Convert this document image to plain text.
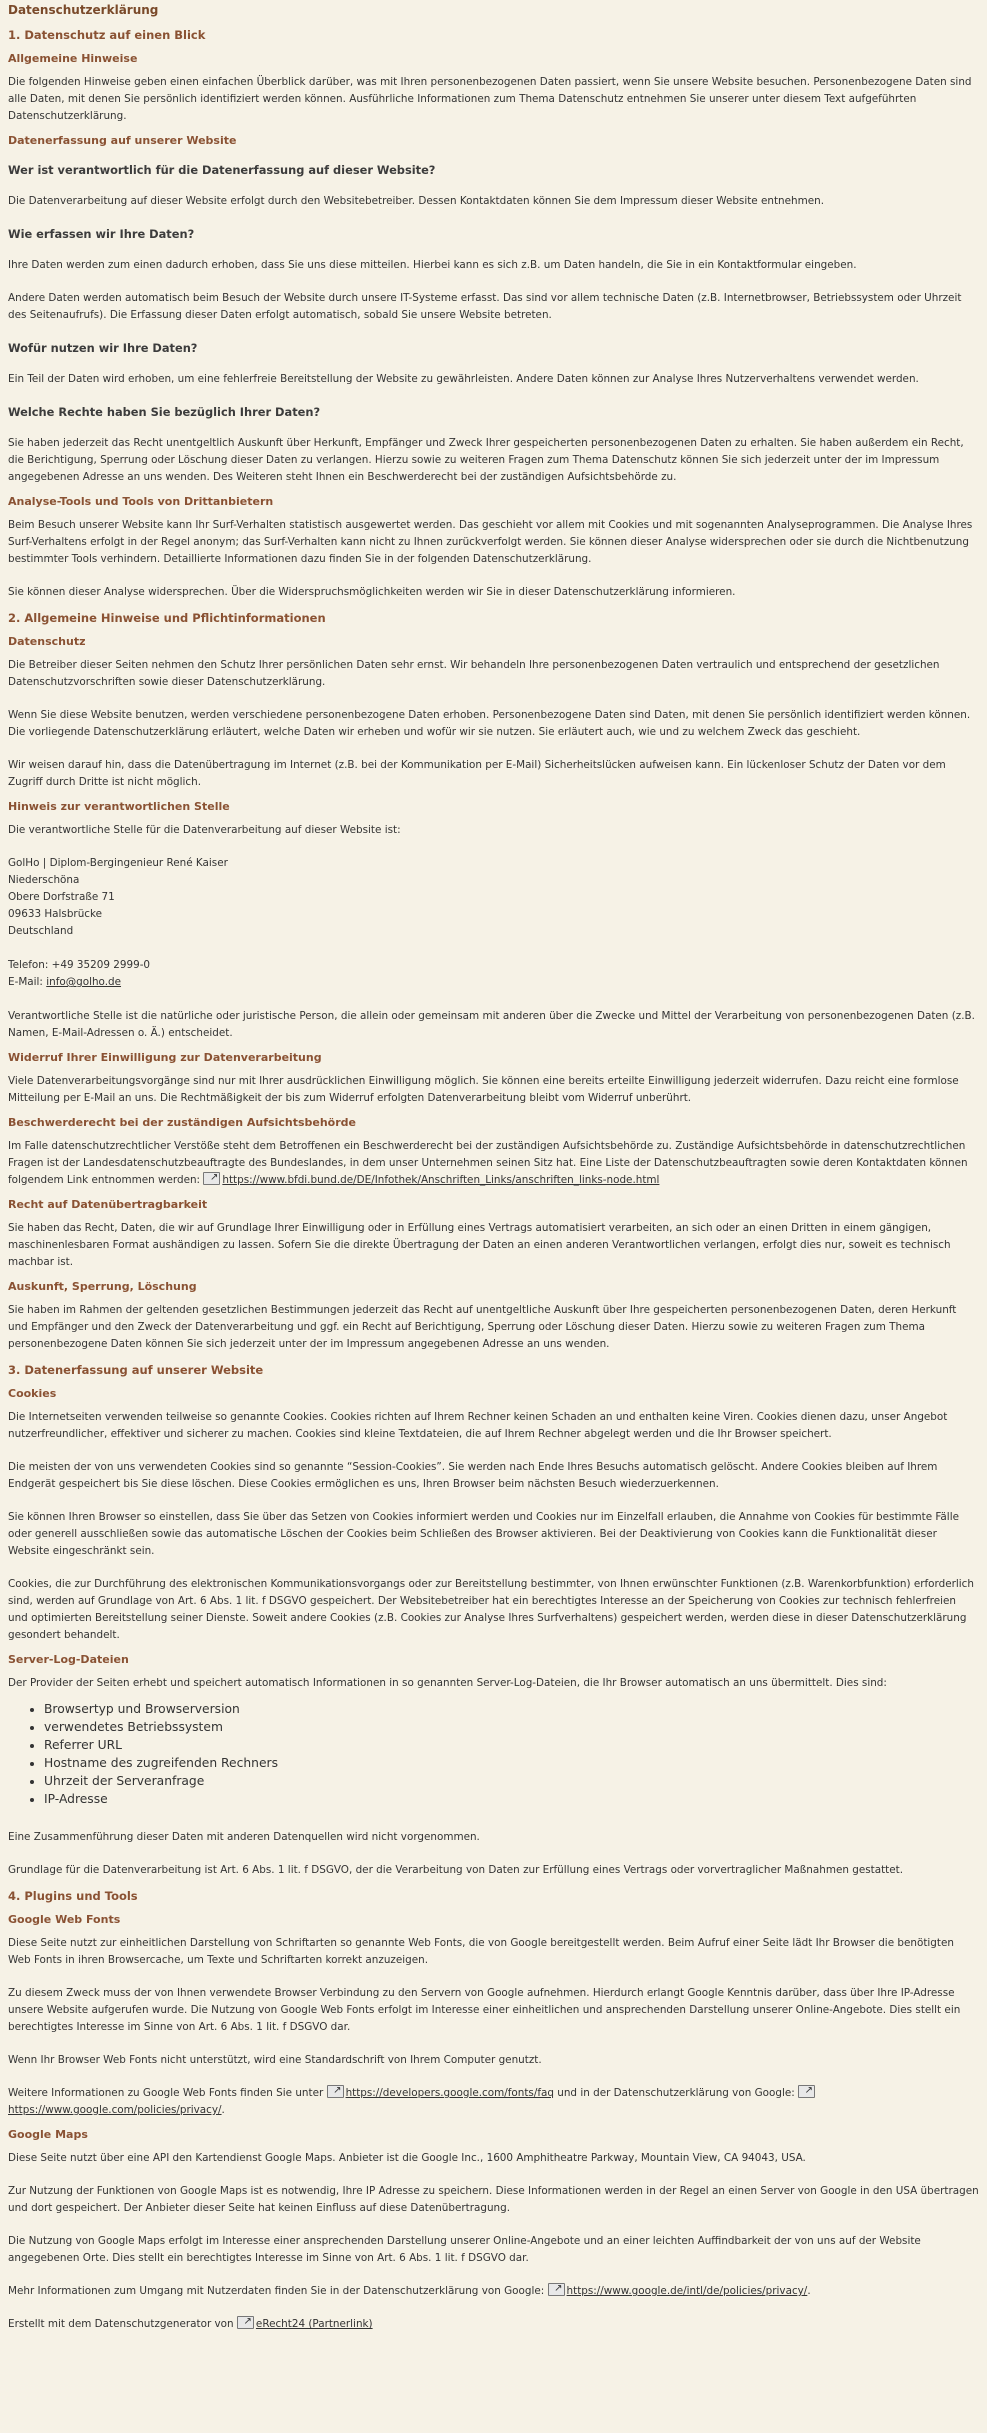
Datenschutzerklärung
1. Datenschutz auf einen Blick
Allgemeine Hinweise

Die folgenden Hinweise geben einen einfachen Überblick darüber, was mit Ihren personenbezogenen Daten passiert, wenn Sie unsere Website besuchen. Personenbezogene Daten sind alle Daten, mit denen Sie persönlich identifiziert werden können. Ausführliche Informationen zum Thema Datenschutz entnehmen Sie unserer unter diesem Text aufgeführten Datenschutzerklärung.

Datenerfassung auf unserer Website
Wer ist verantwortlich für die Datenerfassung auf dieser Website?

Die Datenverarbeitung auf dieser Website erfolgt durch den Websitebetreiber. Dessen Kontaktdaten können Sie dem Impressum dieser Website entnehmen.

Wie erfassen wir Ihre Daten?

Ihre Daten werden zum einen dadurch erhoben, dass Sie uns diese mitteilen. Hierbei kann es sich z.B. um Daten handeln, die Sie in ein Kontaktformular eingeben.

Andere Daten werden automatisch beim Besuch der Website durch unsere IT-Systeme erfasst. Das sind vor allem technische Daten (z.B. Internetbrowser, Betriebssystem oder Uhrzeit des Seitenaufrufs). Die Erfassung dieser Daten erfolgt automatisch, sobald Sie unsere Website betreten.

Wofür nutzen wir Ihre Daten?

Ein Teil der Daten wird erhoben, um eine fehlerfreie Bereitstellung der Website zu gewährleisten. Andere Daten können zur Analyse Ihres Nutzerverhaltens verwendet werden.

Welche Rechte haben Sie bezüglich Ihrer Daten?

Sie haben jederzeit das Recht unentgeltlich Auskunft über Herkunft, Empfänger und Zweck Ihrer gespeicherten personenbezogenen Daten zu erhalten. Sie haben außerdem ein Recht, die Berichtigung, Sperrung oder Löschung dieser Daten zu verlangen. Hierzu sowie zu weiteren Fragen zum Thema Datenschutz können Sie sich jederzeit unter der im Impressum angegebenen Adresse an uns wenden. Des Weiteren steht Ihnen ein Beschwerderecht bei der zuständigen Aufsichtsbehörde zu.

Analyse-Tools und Tools von Drittanbietern

Beim Besuch unserer Website kann Ihr Surf-Verhalten statistisch ausgewertet werden. Das geschieht vor allem mit Cookies und mit sogenannten Analyseprogrammen. Die Analyse Ihres Surf-Verhaltens erfolgt in der Regel anonym; das Surf-Verhalten kann nicht zu Ihnen zurückverfolgt werden. Sie können dieser Analyse widersprechen oder sie durch die Nichtbenutzung bestimmter Tools verhindern. Detaillierte Informationen dazu finden Sie in der folgenden Datenschutzerklärung.

Sie können dieser Analyse widersprechen. Über die Widerspruchsmöglichkeiten werden wir Sie in dieser Datenschutzerklärung informieren.

2. Allgemeine Hinweise und Pflichtinformationen
Datenschutz

Die Betreiber dieser Seiten nehmen den Schutz Ihrer persönlichen Daten sehr ernst. Wir behandeln Ihre personenbezogenen Daten vertraulich und entsprechend der gesetzlichen Datenschutzvorschriften sowie dieser Datenschutzerklärung.

Wenn Sie diese Website benutzen, werden verschiedene personenbezogene Daten erhoben. Personenbezogene Daten sind Daten, mit denen Sie persönlich identifiziert werden können. Die vorliegende Datenschutzerklärung erläutert, welche Daten wir erheben und wofür wir sie nutzen. Sie erläutert auch, wie und zu welchem Zweck das geschieht.

Wir weisen darauf hin, dass die Datenübertragung im Internet (z.B. bei der Kommunikation per E-Mail) Sicherheitslücken aufweisen kann. Ein lückenloser Schutz der Daten vor dem Zugriff durch Dritte ist nicht möglich.

Hinweis zur verantwortlichen Stelle

Die verantwortliche Stelle für die Datenverarbeitung auf dieser Website ist:

GolHo | Diplom-Bergingenieur René Kaiser

Niederschöna

Obere Dorfstraße 71

09633 Halsbrücke

Deutschland

Telefon: +49 35209 2999-0

E-Mail: info@golho.de

Verantwortliche Stelle ist die natürliche oder juristische Person, die allein oder gemeinsam mit anderen über die Zwecke und Mittel der Verarbeitung von personenbezogenen Daten (z.B. Namen, E-Mail-Adressen o. Ä.) entscheidet.

Widerruf Ihrer Einwilligung zur Datenverarbeitung

Viele Datenverarbeitungsvorgänge sind nur mit Ihrer ausdrücklichen Einwilligung möglich. Sie können eine bereits erteilte Einwilligung jederzeit widerrufen. Dazu reicht eine formlose Mitteilung per E-Mail an uns. Die Rechtmäßigkeit der bis zum Widerruf erfolgten Datenverarbeitung bleibt vom Widerruf unberührt.

Beschwerderecht bei der zuständigen Aufsichtsbehörde

Im Falle datenschutzrechtlicher Verstöße steht dem Betroffenen ein Beschwerderecht bei der zuständigen Aufsichtsbehörde zu. Zuständige Aufsichtsbehörde in datenschutzrechtlichen Fragen ist der Landesdatenschutzbeauftragte des Bundeslandes, in dem unser Unternehmen seinen Sitz hat. Eine Liste der Datenschutzbeauftragten sowie deren Kontaktdaten können folgendem Link entnommen werden: ↗https://www.bfdi.bund.de/DE/Infothek/Anschriften_Links/anschriften_links-node.html

Recht auf Datenübertragbarkeit

Sie haben das Recht, Daten, die wir auf Grundlage Ihrer Einwilligung oder in Erfüllung eines Vertrags automatisiert verarbeiten, an sich oder an einen Dritten in einem gängigen, maschinenlesbaren Format aushändigen zu lassen. Sofern Sie die direkte Übertragung der Daten an einen anderen Verantwortlichen verlangen, erfolgt dies nur, soweit es technisch machbar ist.

Auskunft, Sperrung, Löschung

Sie haben im Rahmen der geltenden gesetzlichen Bestimmungen jederzeit das Recht auf unentgeltliche Auskunft über Ihre gespeicherten personenbezogenen Daten, deren Herkunft und Empfänger und den Zweck der Datenverarbeitung und ggf. ein Recht auf Berichtigung, Sperrung oder Löschung dieser Daten. Hierzu sowie zu weiteren Fragen zum Thema personenbezogene Daten können Sie sich jederzeit unter der im Impressum angegebenen Adresse an uns wenden.

3. Datenerfassung auf unserer Website
Cookies

Die Internetseiten verwenden teilweise so genannte Cookies. Cookies richten auf Ihrem Rechner keinen Schaden an und enthalten keine Viren. Cookies dienen dazu, unser Angebot nutzerfreundlicher, effektiver und sicherer zu machen. Cookies sind kleine Textdateien, die auf Ihrem Rechner abgelegt werden und die Ihr Browser speichert.

Die meisten der von uns verwendeten Cookies sind so genannte “Session-Cookies”. Sie werden nach Ende Ihres Besuchs automatisch gelöscht. Andere Cookies bleiben auf Ihrem Endgerät gespeichert bis Sie diese löschen. Diese Cookies ermöglichen es uns, Ihren Browser beim nächsten Besuch wiederzuerkennen.

Sie können Ihren Browser so einstellen, dass Sie über das Setzen von Cookies informiert werden und Cookies nur im Einzelfall erlauben, die Annahme von Cookies für bestimmte Fälle oder generell ausschließen sowie das automatische Löschen der Cookies beim Schließen des Browser aktivieren. Bei der Deaktivierung von Cookies kann die Funktionalität dieser Website eingeschränkt sein.

Cookies, die zur Durchführung des elektronischen Kommunikationsvorgangs oder zur Bereitstellung bestimmter, von Ihnen erwünschter Funktionen (z.B. Warenkorbfunktion) erforderlich sind, werden auf Grundlage von Art. 6 Abs. 1 lit. f DSGVO gespeichert. Der Websitebetreiber hat ein berechtigtes Interesse an der Speicherung von Cookies zur technisch fehlerfreien und optimierten Bereitstellung seiner Dienste. Soweit andere Cookies (z.B. Cookies zur Analyse Ihres Surfverhaltens) gespeichert werden, werden diese in dieser Datenschutzerklärung gesondert behandelt.

Server-Log-Dateien

Der Provider der Seiten erhebt und speichert automatisch Informationen in so genannten Server-Log-Dateien, die Ihr Browser automatisch an uns übermittelt. Dies sind:

• Browsertyp und Browserversion
• verwendetes Betriebssystem
• Referrer URL
• Hostname des zugreifenden Rechners
• Uhrzeit der Serveranfrage
• IP-Adresse

Eine Zusammenführung dieser Daten mit anderen Datenquellen wird nicht vorgenommen.

Grundlage für die Datenverarbeitung ist Art. 6 Abs. 1 lit. f DSGVO, der die Verarbeitung von Daten zur Erfüllung eines Vertrags oder vorvertraglicher Maßnahmen gestattet.

4. Plugins und Tools
Google Web Fonts

Diese Seite nutzt zur einheitlichen Darstellung von Schriftarten so genannte Web Fonts, die von Google bereitgestellt werden. Beim Aufruf einer Seite lädt Ihr Browser die benötigten Web Fonts in ihren Browsercache, um Texte und Schriftarten korrekt anzuzeigen.

Zu diesem Zweck muss der von Ihnen verwendete Browser Verbindung zu den Servern von Google aufnehmen. Hierdurch erlangt Google Kenntnis darüber, dass über Ihre IP-Adresse unsere Website aufgerufen wurde. Die Nutzung von Google Web Fonts erfolgt im Interesse einer einheitlichen und ansprechenden Darstellung unserer Online-Angebote. Dies stellt ein berechtigtes Interesse im Sinne von Art. 6 Abs. 1 lit. f DSGVO dar.

Wenn Ihr Browser Web Fonts nicht unterstützt, wird eine Standardschrift von Ihrem Computer genutzt.

Weitere Informationen zu Google Web Fonts finden Sie unter ↗https://developers.google.com/fonts/faq und in der Datenschutzerklärung von Google: ↗https://www.google.com/policies/privacy/.

Google Maps

Diese Seite nutzt über eine API den Kartendienst Google Maps. Anbieter ist die Google Inc., 1600 Amphitheatre Parkway, Mountain View, CA 94043, USA.

Zur Nutzung der Funktionen von Google Maps ist es notwendig, Ihre IP Adresse zu speichern. Diese Informationen werden in der Regel an einen Server von Google in den USA übertragen und dort gespeichert. Der Anbieter dieser Seite hat keinen Einfluss auf diese Datenübertragung.

Die Nutzung von Google Maps erfolgt im Interesse einer ansprechenden Darstellung unserer Online-Angebote und an einer leichten Auffindbarkeit der von uns auf der Website angegebenen Orte. Dies stellt ein berechtigtes Interesse im Sinne von Art. 6 Abs. 1 lit. f DSGVO dar.

Mehr Informationen zum Umgang mit Nutzerdaten finden Sie in der Datenschutzerklärung von Google: ↗https://www.google.de/intl/de/policies/privacy/.

Erstellt mit dem Datenschutzgenerator von ↗eRecht24 (Partnerlink)
